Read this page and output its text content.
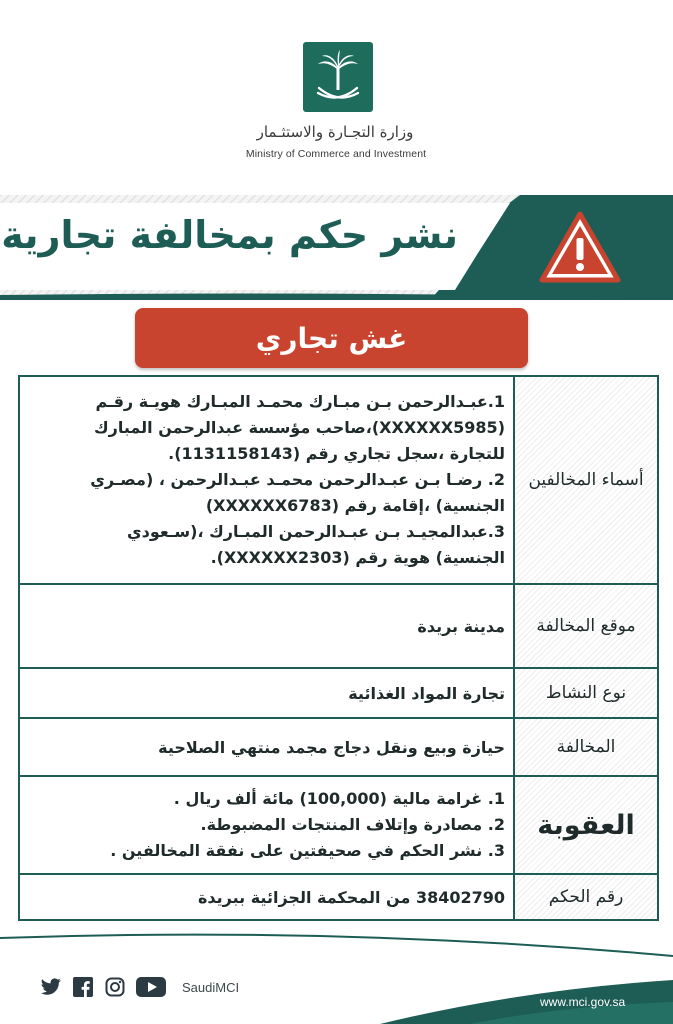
وزارة التجـارة والاستثـمار
Ministry of Commerce and Investment
نشر حكم بمخالفة تجارية
غش تجاري
أسماء المخالفين

1.عبـدالرحمن بـن مبـارك محمـد المبـارك هويـة رقـم

(XXXXXX5985)،صاحب مؤسسة عبدالرحمن المبارك

للتجارة ،سجل تجاري رقم (1131158143).

2. رضـا بـن عبـدالرحمن محمـد عبـدالرحمن ، (مصـري

الجنسية) ،إقامة رقم (XXXXXX6783)

3.عبدالمجيـد بـن عبـدالرحمن المبـارك ،(سـعودي

الجنسية) هوية رقم (XXXXXX2303).

موقع المخالفة

مدينة بريدة

نوع النشاط

تجارة المواد الغذائية

المخالفة

حيازة وبيع ونقل دجاج مجمد منتهي الصلاحية

العقوبة

1. غرامة مالية (100,000) مائة ألف ريال .

2. مصادرة وإتلاف المنتجات المضبوطة.

3. نشر الحكم في صحيفتين على نفقة المخالفين .

رقم الحكم

38402790 من المحكمة الجزائية ببريدة

SaudiMCI
www.mci.gov.sa
